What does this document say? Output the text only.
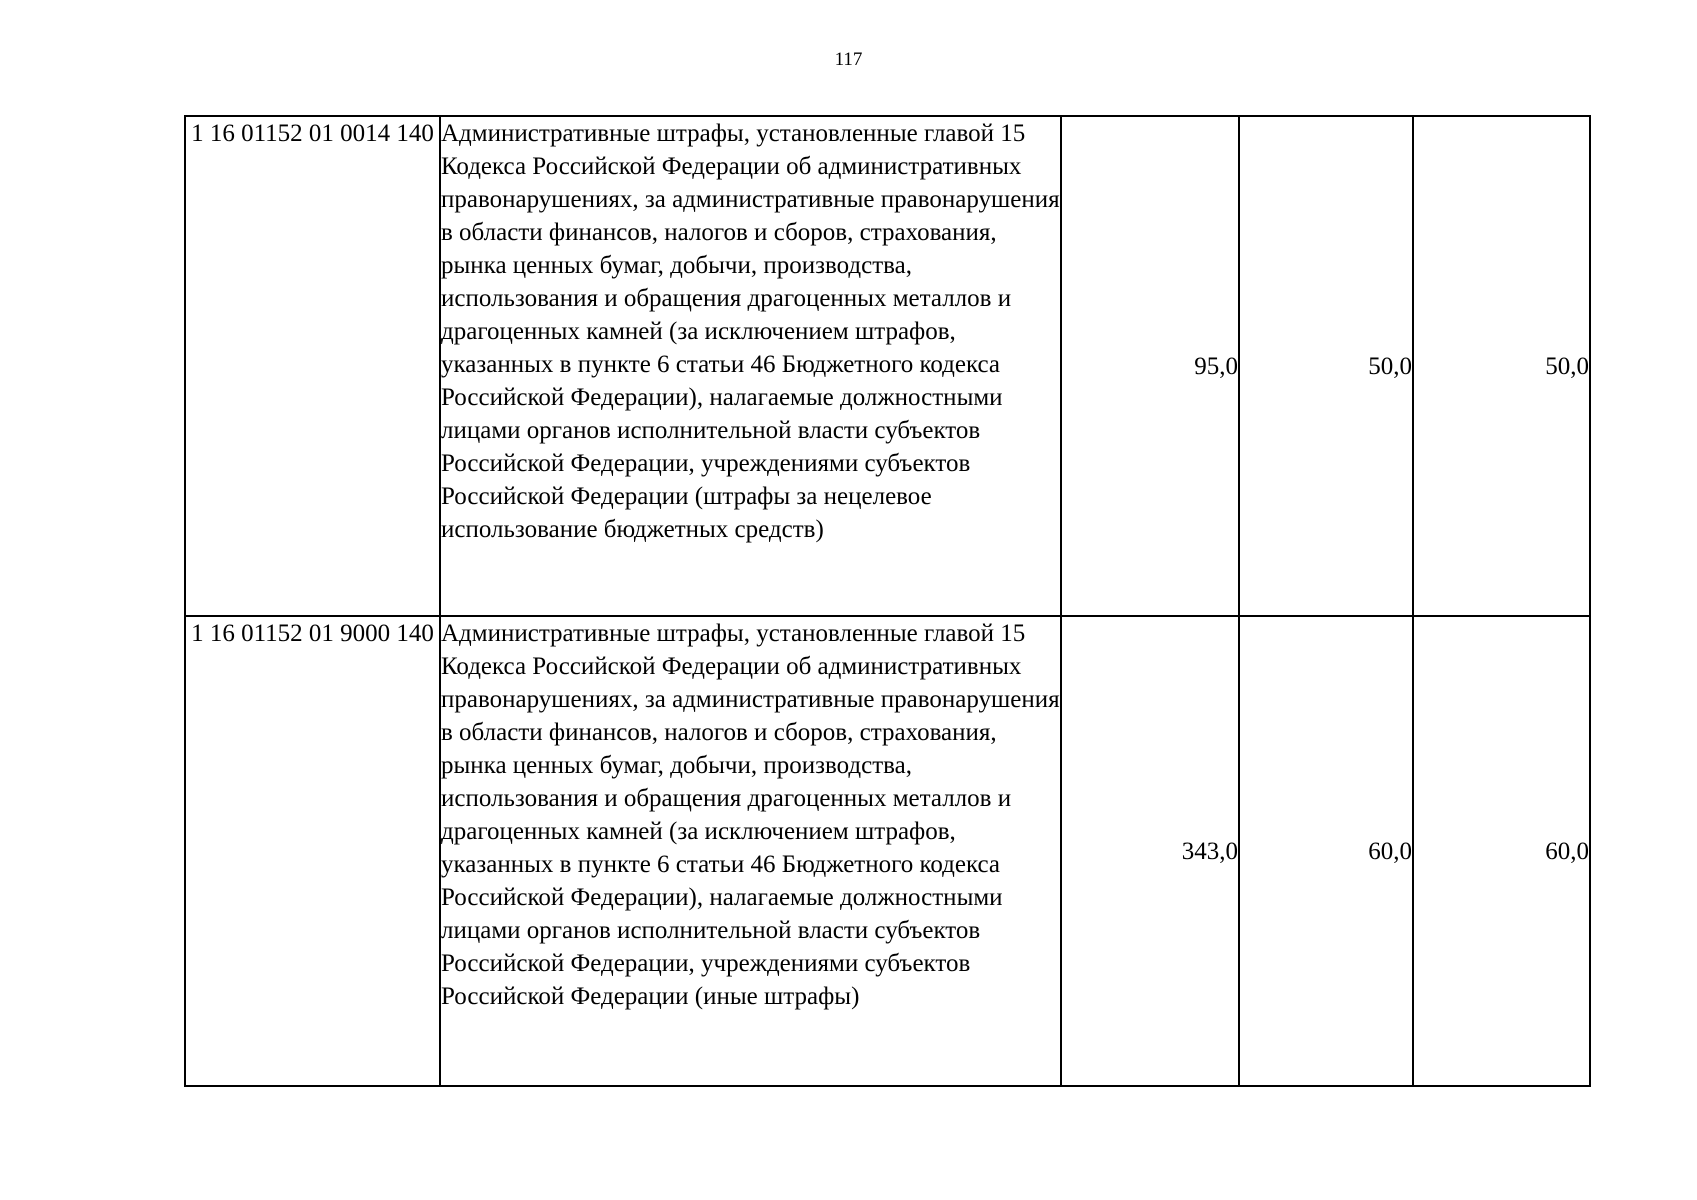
117
1 16 01152 01 0014 140	Административные штрафы, установленные главой 15 Кодекса Российской Федерации об административных правонарушениях, за административные правонарушения в области финансов, налогов и сборов, страхования, рынка ценных бумаг, добычи, производства, использования и обращения драгоценных металлов и драгоценных камней (за исключением штрафов, указанных в пункте 6 статьи 46 Бюджетного кодекса Российской Федерации), налагаемые должностными лицами органов исполнительной власти субъектов Российской Федерации, учреждениями субъектов Российской Федерации (штрафы за нецелевое использование бюджетных средств)	95,0	50,0	50,0

1 16 01152 01 9000 140	Административные штрафы, установленные главой 15 Кодекса Российской Федерации об административных правонарушениях, за административные правонарушения в области финансов, налогов и сборов, страхования, рынка ценных бумаг, добычи, производства, использования и обращения драгоценных металлов и драгоценных камней (за исключением штрафов, указанных в пункте 6 статьи 46 Бюджетного кодекса Российской Федерации), налагаемые должностными лицами органов исполнительной власти субъектов Российской Федерации, учреждениями субъектов Российской Федерации (иные штрафы)	343,0	60,0	60,0
